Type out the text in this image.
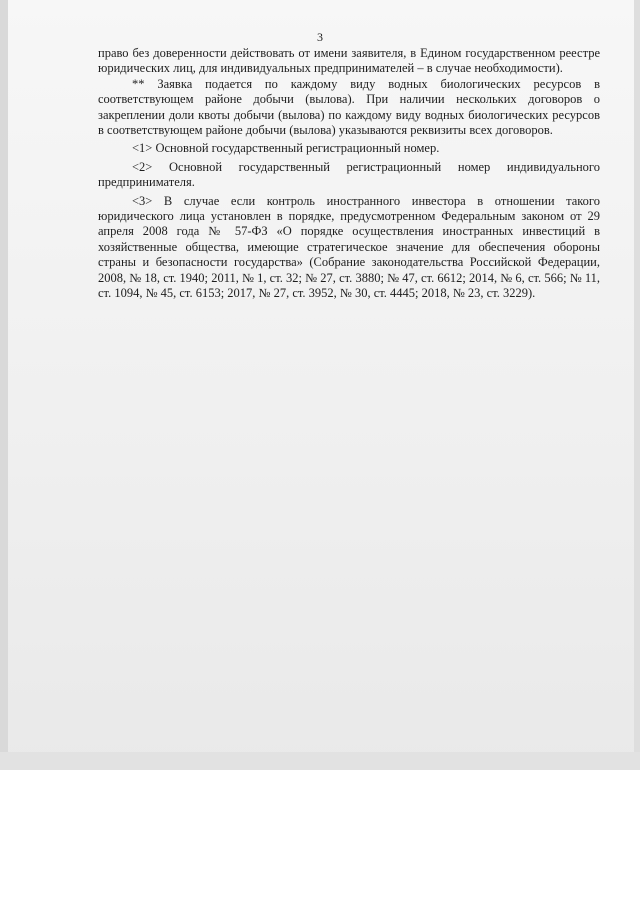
3

право без доверенности действовать от имени заявителя, в Едином государственном реестре юридических лиц, для индивидуальных предпринимателей – в случае необходимости).

** Заявка подается по каждому виду водных биологических ресурсов в соответствующем районе добычи (вылова). При наличии нескольких договоров о закреплении доли квоты добычи (вылова) по каждому виду водных биологических ресурсов в соответствующем районе добычи (вылова) указываются реквизиты всех договоров.

<1> Основной государственный регистрационный номер.

<2> Основной государственный регистрационный номер индивидуального предпринимателя.

<3> В случае если контроль иностранного инвестора в отношении такого юридического лица установлен в порядке, предусмотренном Федеральным законом от 29 апреля 2008 года № 57-ФЗ «О порядке осуществления иностранных инвестиций в хозяйственные общества, имеющие стратегическое значение для обеспечения обороны страны и безопасности государства» (Собрание законодательства Российской Федерации, 2008, № 18, ст. 1940; 2011, № 1, ст. 32; № 27, ст. 3880; № 47, ст. 6612; 2014, № 6, ст. 566; № 11, ст. 1094, № 45, ст. 6153; 2017, № 27, ст. 3952, № 30, ст. 4445; 2018, № 23, ст. 3229).
